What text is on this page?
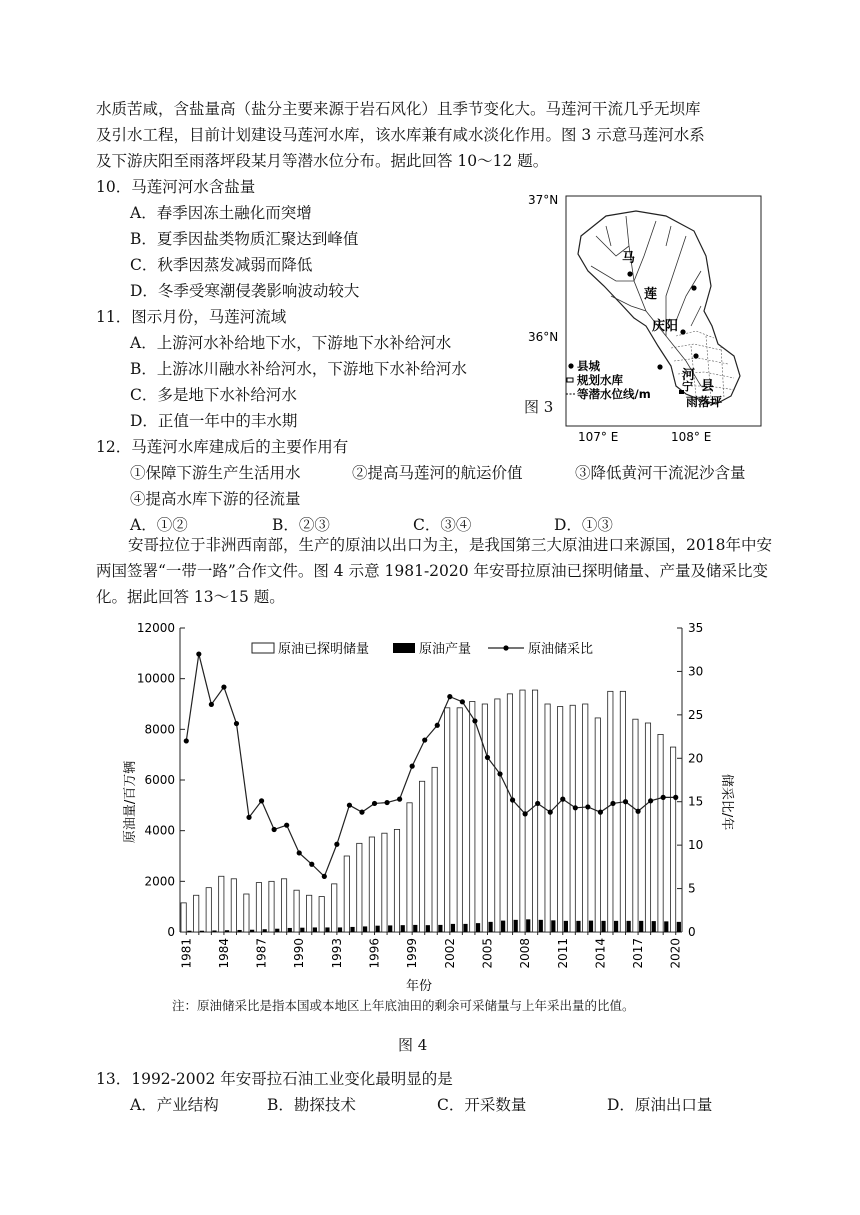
水质苦咸，含盐量高（盐分主要来源于岩石风化）且季节变化大。马莲河干流几乎无坝库
及引水工程，目前计划建设马莲河水库，该水库兼有咸水淡化作用。图 3 示意马莲河水系
及下游庆阳至雨落坪段某月等潜水位分布。据此回答 10～12 题。
10．马莲河河水含盐量
A．春季因冻土融化而突增
B．夏季因盐类物质汇聚达到峰值
C．秋季因蒸发减弱而降低
D．冬季受寒潮侵袭影响波动较大
11．图示月份，马莲河流域
A．上游河水补给地下水，下游地下水补给河水
B．上游冰川融水补给河水，下游地下水补给河水
C．多是地下水补给河水
D．正值一年中的丰水期
12．马莲河水库建成后的主要作用有
①保障下游生产生活用水	②提高马莲河的航运价值	③降低黄河干流泥沙含量
④提高水库下游的径流量
A．①②	B．②③	C．③④	D．①③
37°N
36°N
107° E	108° E
马
莲
河
庆阳
宁 县
雨落坪
县城
规划水库
等潜水位线/m
图 3
安哥拉位于非洲西南部，生产的原油以出口为主，是我国第三大原油进口来源国，2018年中安两国签署“一带一路”合作文件。图 4 示意 1981-2020 年安哥拉原油已探明储量、产量及储采比变化。据此回答 13～15 题。
0
2000
4000
6000
8000
10000
12000
0
5
10
15
20
25
30
35
1981 1984 1987 1990 1993 1996 1999 2002 2005 2008 2011 2014 2017 2020
原油已探明储量	原油产量	原油储采比
年份
原油量/百万辆	储采比/年
注：原油储采比是指本国或本地区上年底油田的剩余可采储量与上年采出量的比值。
图 4
13．1992-2002 年安哥拉石油工业变化最明显的是
A．产业结构	B．勘探技术	C．开采数量	D．原油出口量
